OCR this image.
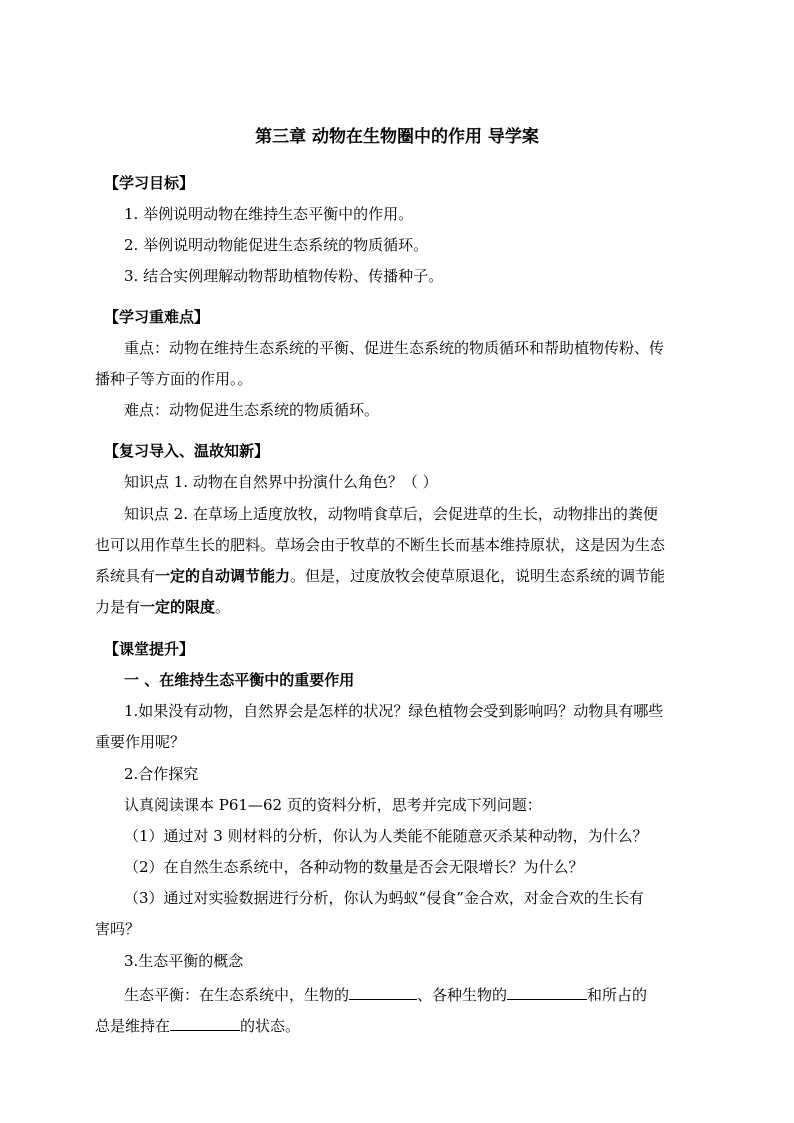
第三章 动物在生物圈中的作用 导学案
【学习目标】
1. 举例说明动物在维持生态平衡中的作用。
2. 举例说明动物能促进生态系统的物质循环。
3. 结合实例理解动物帮助植物传粉、传播种子。
【学习重难点】
重点：动物在维持生态系统的平衡、促进生态系统的物质循环和帮助植物传粉、传
播种子等方面的作用。。
难点：动物促进生态系统的物质循环。
【复习导入、温故知新】
知识点 1. 动物在自然界中扮演什么角色？（ ）
知识点 2. 在草场上适度放牧，动物啃食草后，会促进草的生长，动物排出的粪便
也可以用作草生长的肥料。草场会由于牧草的不断生长而基本维持原状，这是因为生态
系统具有一定的自动调节能力。但是，过度放牧会使草原退化，说明生态系统的调节能
力是有一定的限度。
【课堂提升】
一 、在维持生态平衡中的重要作用
1.如果没有动物，自然界会是怎样的状况？绿色植物会受到影响吗？动物具有哪些
重要作用呢？
2.合作探究
认真阅读课本 P61—62 页的资料分析，思考并完成下列问题：
（1）通过对 3 则材料的分析，你认为人类能不能随意灭杀某种动物，为什么？
（2）在自然生态系统中，各种动物的数量是否会无限增长？为什么？
（3）通过对实验数据进行分析，你认为蚂蚁“侵食”金合欢，对金合欢的生长有
害吗？
3.生态平衡的概念
生态平衡：在生态系统中，生物的	、各种生物的	和所占的
总是维持在	的状态。
